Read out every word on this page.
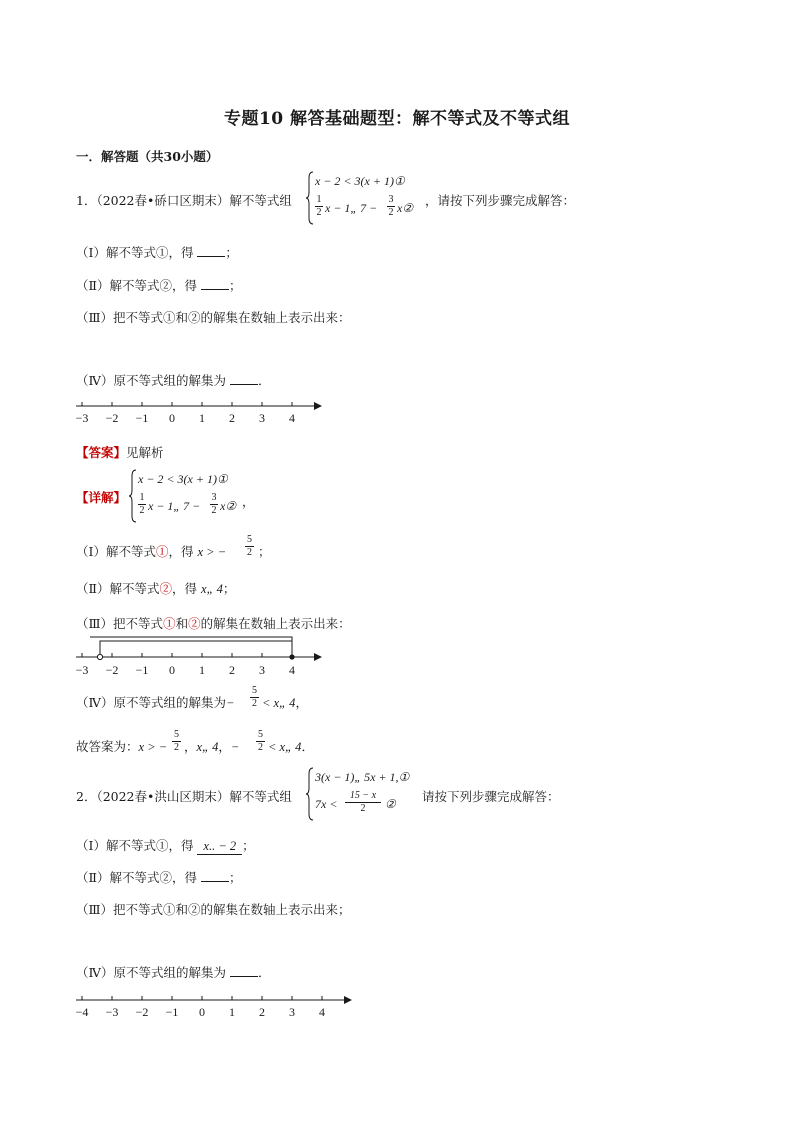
专题10 解答基础题型：解不等式及不等式组
一．解答题（共30小题）
1．（2022春•硚口区期末）解不等式组
x − 2 < 3(x + 1)①
1
2 x − 1„ 7 −
3
2 x② ，请按下列步骤完成解答：
（Ⅰ）解不等式①，得 ；
（Ⅱ）解不等式②，得 ；
（Ⅲ）把不等式①和②的解集在数轴上表示出来：
（Ⅳ）原不等式组的解集为 ．
−3 −2 −1 0 1 2 3 4
【答案】见解析
【详解】
x − 2 < 3(x + 1)①
1
2 x − 1„ 7 −
3
2 x② ，
（Ⅰ）解不等式①，得 x > −
5
2 ；
（Ⅱ）解不等式②，得 x„ 4；
（Ⅲ）把不等式①和②的解集在数轴上表示出来：
−3 −2 −1 0 1 2 3 4
（Ⅳ）原不等式组的解集为−
5
2 < x„ 4，
故答案为：x > −
5
2 ，x„ 4，−
5
2 < x„ 4．
2．（2022春•洪山区期末）解不等式组
3(x − 1)„ 5x + 1,①
7x <
15 − x
2	② 请按下列步骤完成解答：
（Ⅰ）解不等式①，得 x.. − 2 ；
（Ⅱ）解不等式②，得 ；
（Ⅲ）把不等式①和②的解集在数轴上表示出来；
（Ⅳ）原不等式组的解集为 ．
−4 −3 −2 −1 0 1 2 3 4
